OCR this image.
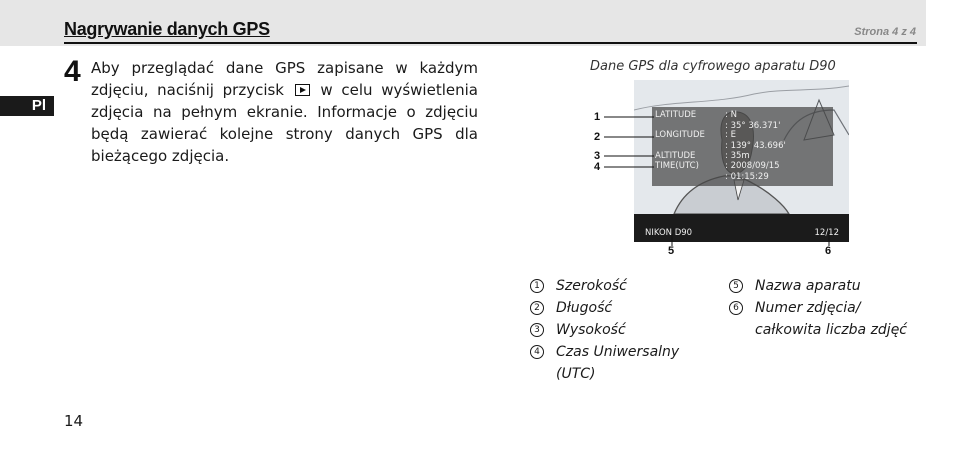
Nagrywanie danych GPS	Strona 4 z 4
Pl
4 Aby przeglądać dane GPS zapisane w każdym zdjęciu, naciśnij przycisk w celu wyświetlenia zdjęcia na pełnym ekranie. Informacje o zdjęciu będą zawierać kolejne strony danych GPS dla bieżącego zdjęcia.
Dane GPS dla cyfrowego aparatu D90
LATITUDE	: N
: 35° 36.371'
LONGITUDE : E
: 139° 43.696'
ALTITUDE	: 35m
TIME(UTC)	: 2008/09/15
: 01:15:29
NIKON D90	12/12
1
2
3
4
5	6
1 Szerokość
2 Długość
3 Wysokość
4 Czas Uniwersalny
(UTC)
5 Nazwa aparatu
6 Numer zdjęcia/
całkowita liczba zdjęć
14
